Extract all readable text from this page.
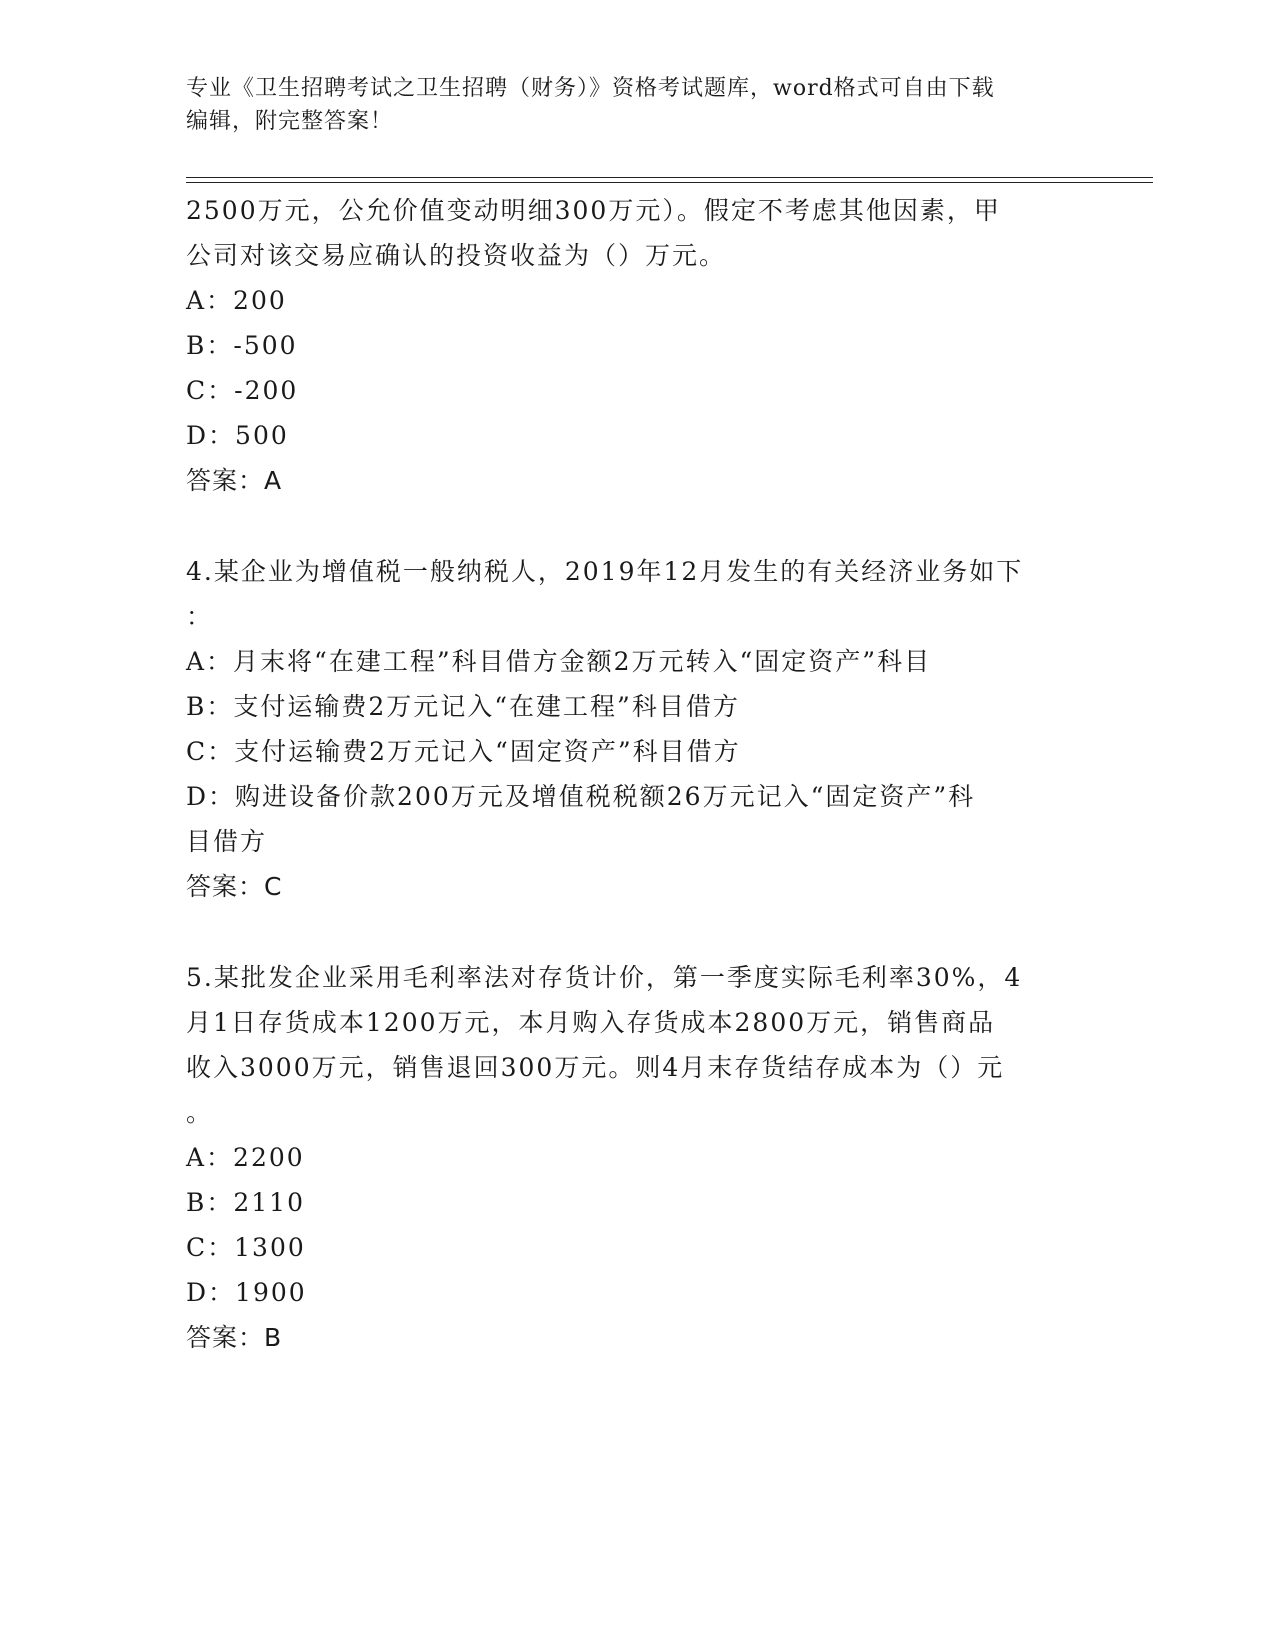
专业《卫生招聘考试之卫生招聘（财务）》资格考试题库，word格式可自由下载
编辑，附完整答案！
2500万元，公允价值变动明细300万元）。假定不考虑其他因素，甲
公司对该交易应确认的投资收益为（）万元。
A：200
B：-500
C：-200
D：500
答案：A
4.某企业为增值税一般纳税人，2019年12月发生的有关经济业务如下
：
A：月末将“在建工程”科目借方金额2万元转入“固定资产”科目
B：支付运输费2万元记入“在建工程”科目借方
C：支付运输费2万元记入“固定资产”科目借方
D：购进设备价款200万元及增值税税额26万元记入“固定资产”科
目借方
答案：C
5.某批发企业采用毛利率法对存货计价，第一季度实际毛利率30%，4
月1日存货成本1200万元，本月购入存货成本2800万元，销售商品
收入3000万元，销售退回300万元。则4月末存货结存成本为（）元
。
A：2200
B：2110
C：1300
D：1900
答案：B
